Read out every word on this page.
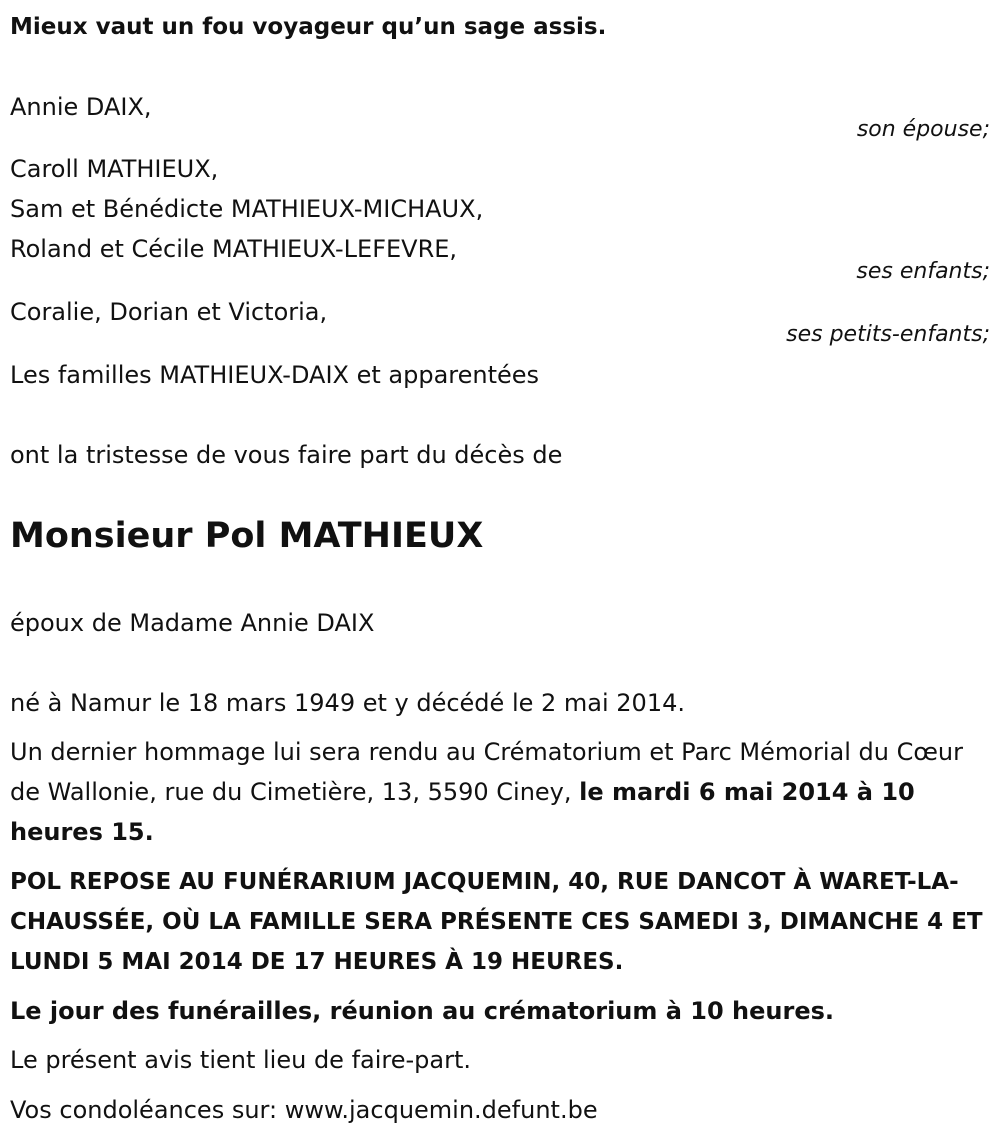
Mieux vaut un fou voyageur qu’un sage assis.
Annie DAIX,
son épouse;
Caroll MATHIEUX,
Sam et Bénédicte MATHIEUX-MICHAUX,
Roland et Cécile MATHIEUX-LEFEVRE,
ses enfants;
Coralie, Dorian et Victoria,
ses petits-enfants;
Les familles MATHIEUX-DAIX et apparentées
ont la tristesse de vous faire part du décès de
Monsieur Pol MATHIEUX
époux de Madame Annie DAIX
né à Namur le 18 mars 1949 et y décédé le 2 mai 2014.
Un dernier hommage lui sera rendu au Crématorium et Parc Mémorial du Cœur de Wallonie, rue du Cimetière, 13, 5590 Ciney, le mardi 6 mai 2014 à 10 heures 15.
POL REPOSE AU FUNÉRARIUM JACQUEMIN, 40, RUE DANCOT À WARET-LA-CHAUSSÉE, OÙ LA FAMILLE SERA PRÉSENTE CES SAMEDI 3, DIMANCHE 4 ET LUNDI 5 MAI 2014 DE 17 HEURES À 19 HEURES.
Le jour des funérailles, réunion au crématorium à 10 heures.
Le présent avis tient lieu de faire-part.
Vos condoléances sur: www.jacquemin.defunt.be
